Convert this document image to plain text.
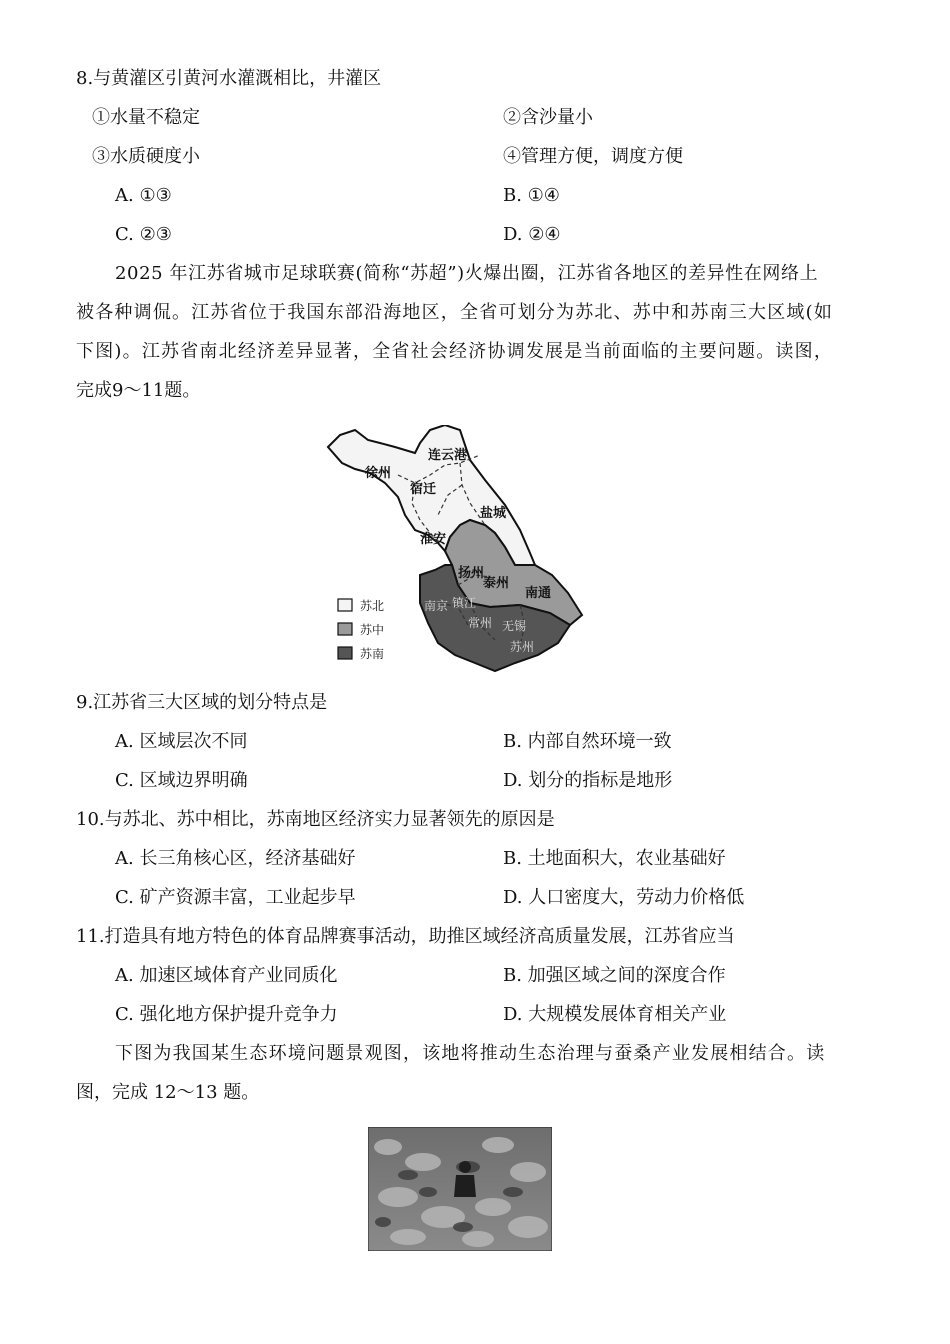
8.与黄灌区引黄河水灌溉相比，井灌区
①水量不稳定	②含沙量小
③水质硬度小	④管理方便，调度方便
A. ①③	B. ①④
C. ②③	D. ②④
2025 年江苏省城市足球联赛(简称“苏超”)火爆出圈，江苏省各地区的差异性在网络上
被各种调侃。江苏省位于我国东部沿海地区，全省可划分为苏北、苏中和苏南三大区域(如
下图)。江苏省南北经济差异显著，全省社会经济协调发展是当前面临的主要问题。读图，
完成9～11题。
徐州
连云港
宿迁
盐城
淮安
扬州
泰州
南通
南京 镇江
常州 无锡
苏州
苏北
苏中
苏南
9.江苏省三大区域的划分特点是
A. 区域层次不同	B. 内部自然环境一致
C. 区域边界明确	D. 划分的指标是地形
10.与苏北、苏中相比，苏南地区经济实力显著领先的原因是
A. 长三角核心区，经济基础好	B. 土地面积大，农业基础好
C. 矿产资源丰富，工业起步早	D. 人口密度大，劳动力价格低
11.打造具有地方特色的体育品牌赛事活动，助推区域经济高质量发展，江苏省应当
A. 加速区域体育产业同质化	B. 加强区域之间的深度合作
C. 强化地方保护提升竞争力	D. 大规模发展体育相关产业
下图为我国某生态环境问题景观图，该地将推动生态治理与蚕桑产业发展相结合。读
图，完成 12～13 题。
